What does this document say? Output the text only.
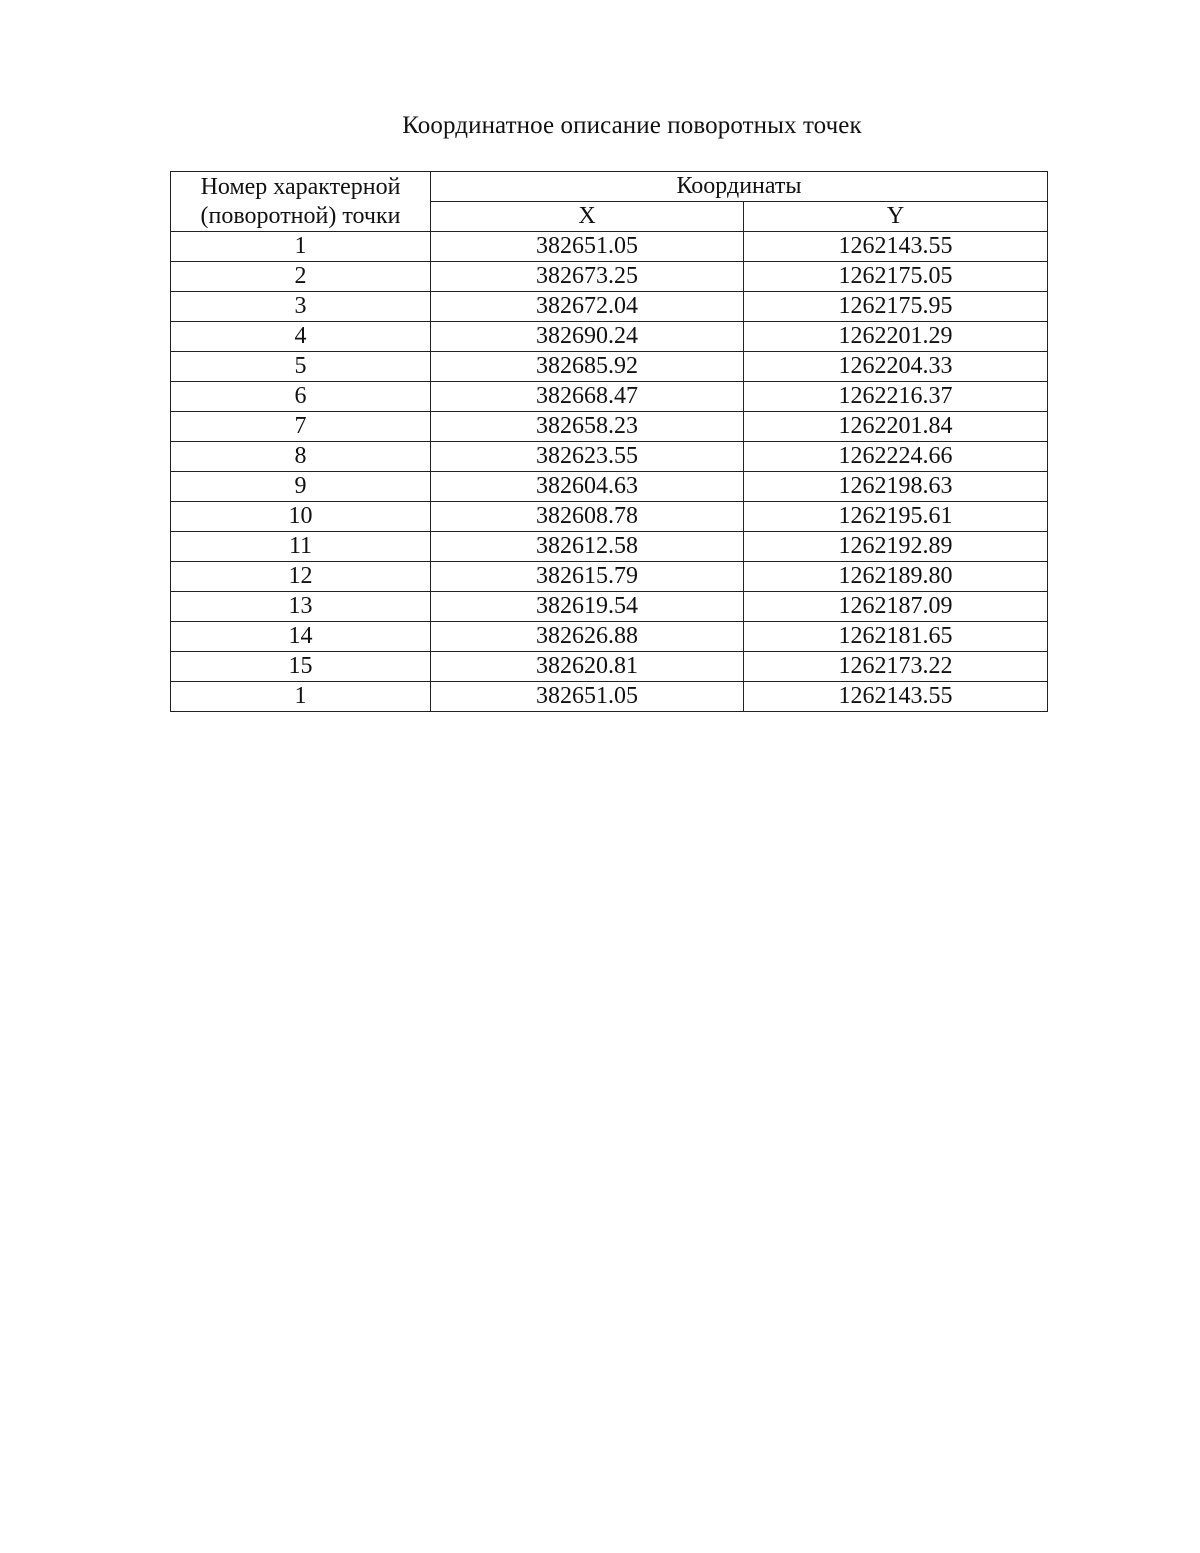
Координатное описание поворотных точек
Номер характерной
(поворотной) точки	Координаты	
	X	Y
1	382651.05	1262143.55
2	382673.25	1262175.05
3	382672.04	1262175.95
4	382690.24	1262201.29
5	382685.92	1262204.33
6	382668.47	1262216.37
7	382658.23	1262201.84
8	382623.55	1262224.66
9	382604.63	1262198.63
10	382608.78	1262195.61
11	382612.58	1262192.89
12	382615.79	1262189.80
13	382619.54	1262187.09
14	382626.88	1262181.65
15	382620.81	1262173.22
1	382651.05	1262143.55
